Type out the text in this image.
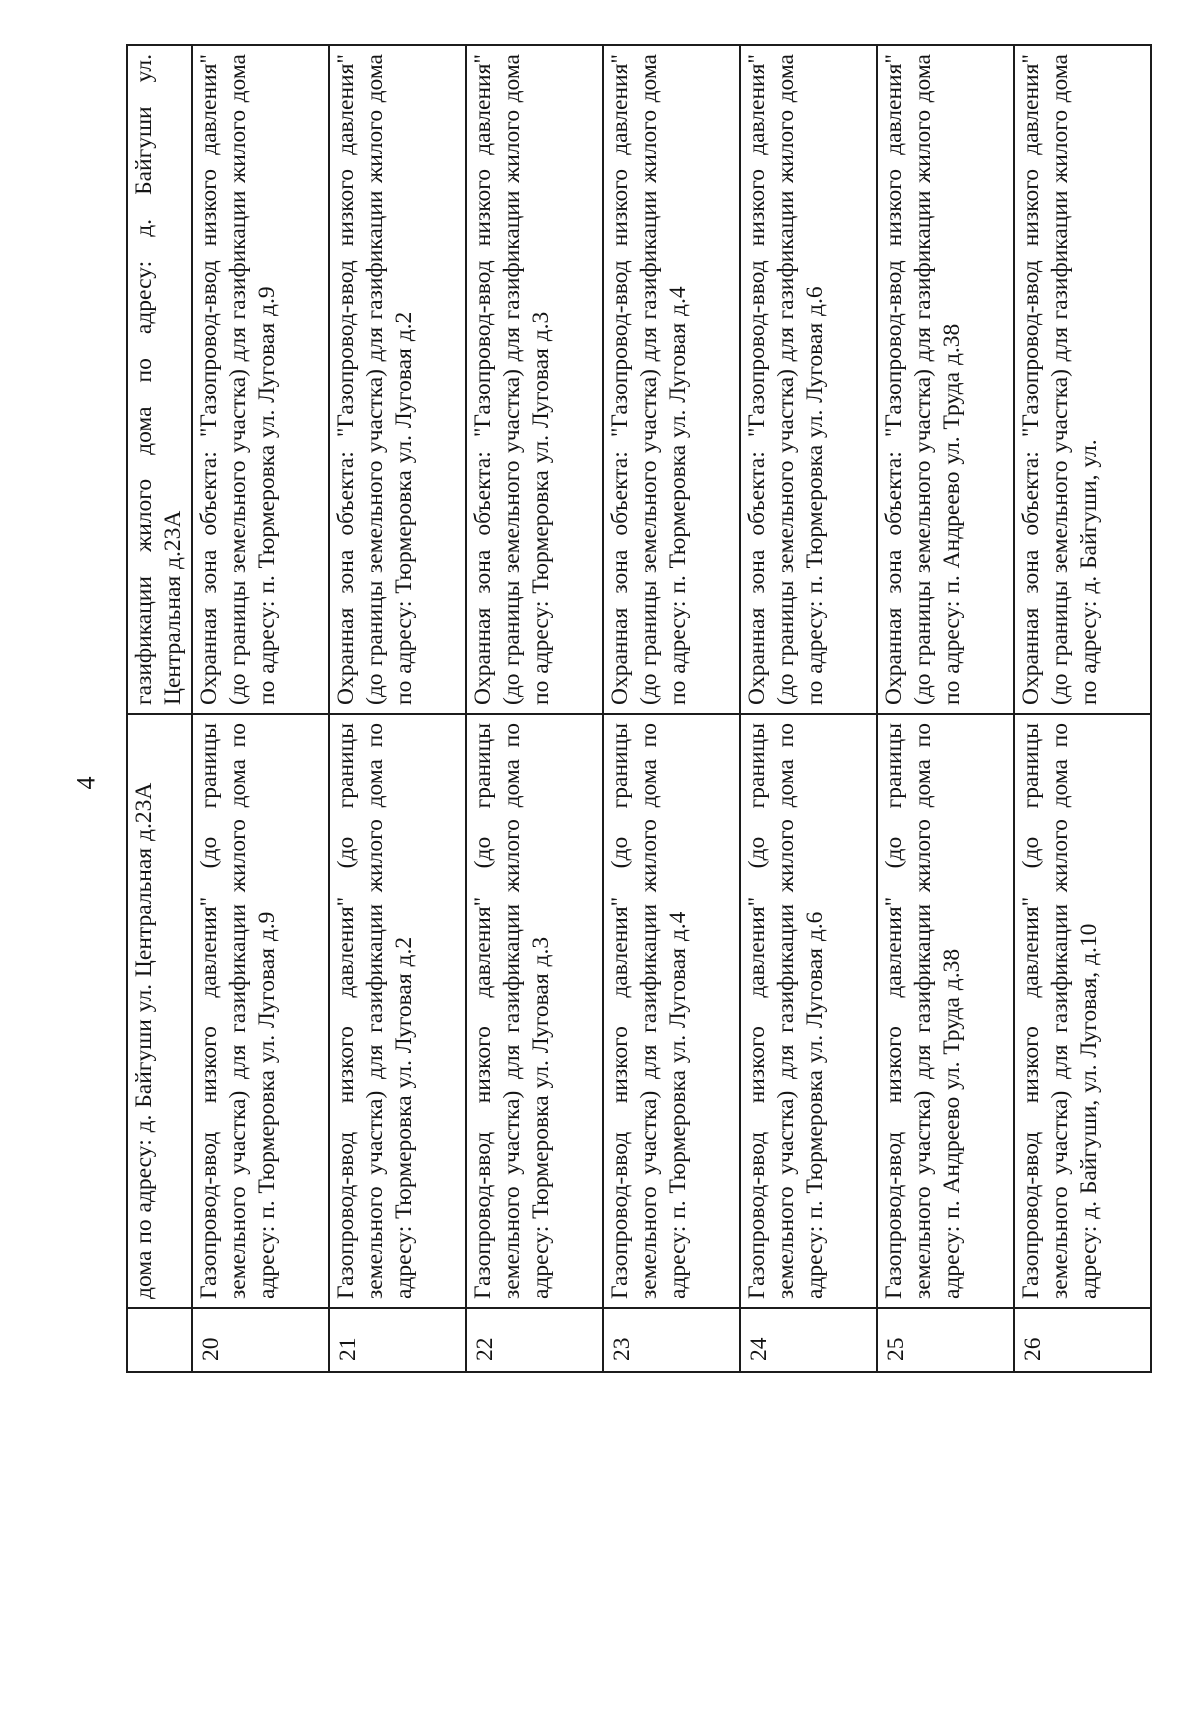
4
	дома по адресу: д. Байгуши ул. Центральная д.23А	газификации жилого дома по адресу: д. Байгуши ул. Центральная д.23А
20	Газопровод-ввод низкого давления" (до границы земельного участка) для газификации жилого дома по адресу: п. Тюрмеровка ул. Луговая д.9	Охранная зона объекта: "Газопровод-ввод низкого давления" (до границы земельного участка) для газификации жилого дома по адресу: п. Тюрмеровка ул. Луговая д.9
21	Газопровод-ввод низкого давления" (до границы земельного участка) для газификации жилого дома по адресу: Тюрмеровка ул. Луговая д.2	Охранная зона объекта: "Газопровод-ввод низкого давления" (до границы земельного участка) для газификации жилого дома по адресу: Тюрмеровка ул. Луговая д.2
22	Газопровод-ввод низкого давления" (до границы земельного участка) для газификации жилого дома по адресу: Тюрмеровка ул. Луговая д.3	Охранная зона объекта: "Газопровод-ввод низкого давления" (до границы земельного участка) для газификации жилого дома по адресу: Тюрмеровка ул. Луговая д.3
23	Газопровод-ввод низкого давления" (до границы земельного участка) для газификации жилого дома по адресу: п. Тюрмеровка ул. Луговая д.4	Охранная зона объекта: "Газопровод-ввод низкого давления" (до границы земельного участка) для газификации жилого дома по адресу: п. Тюрмеровка ул. Луговая д.4
24	Газопровод-ввод низкого давления" (до границы земельного участка) для газификации жилого дома по адресу: п. Тюрмеровка ул. Луговая д.6	Охранная зона объекта: "Газопровод-ввод низкого давления" (до границы земельного участка) для газификации жилого дома по адресу: п. Тюрмеровка ул. Луговая д.6
25	Газопровод-ввод низкого давления" (до границы земельного участка) для газификации жилого дома по адресу: п. Андреево ул. Труда д.38	Охранная зона объекта: "Газопровод-ввод низкого давления" (до границы земельного участка) для газификации жилого дома по адресу: п. Андреево ул. Труда д.38
26	Газопровод-ввод низкого давления" (до границы земельного участка) для газификации жилого дома по адресу: д. Байгуши, ул. Луговая, д.10	Охранная зона объекта: "Газопровод-ввод низкого давления" (до границы земельного участка) для газификации жилого дома по адресу: д. Байгуши, ул.
